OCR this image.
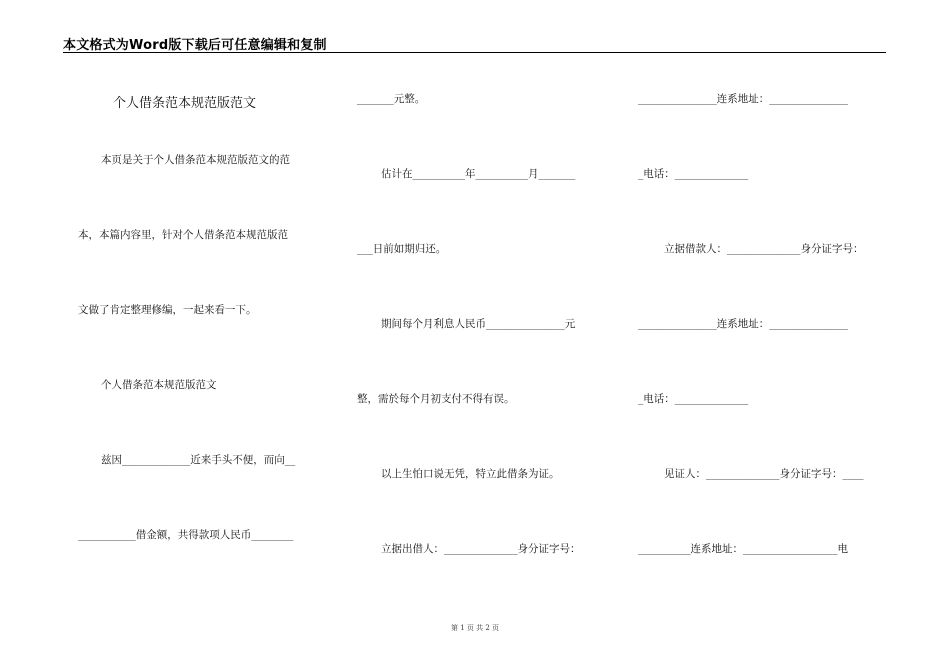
本文格式为Word版下载后可任意编辑和复制
个人借条范本规范版范文
本页是关于个人借条范本规范版范文的范
本，本篇内容里，针对个人借条范本规范版范
文做了肯定整理修编，一起来看一下。
个人借条范本规范版范文
兹因_____________近来手头不便，而向__
___________借金额，共得款项人民币________
_______元整。
估计在__________年__________月_______
___日前如期归还。
期间每个月利息人民币_______________元
整，需於每个月初支付不得有误。
以上生怕口说无凭，特立此借条为证。
立据出借人：______________身分证字号：
_______________连系地址：_______________
_电话：______________
立据借款人：______________身分证字号：
_______________连系地址：_______________
_电话：______________
见证人：______________身分证字号：____
__________连系地址：__________________电
第 1 页 共 2 页
